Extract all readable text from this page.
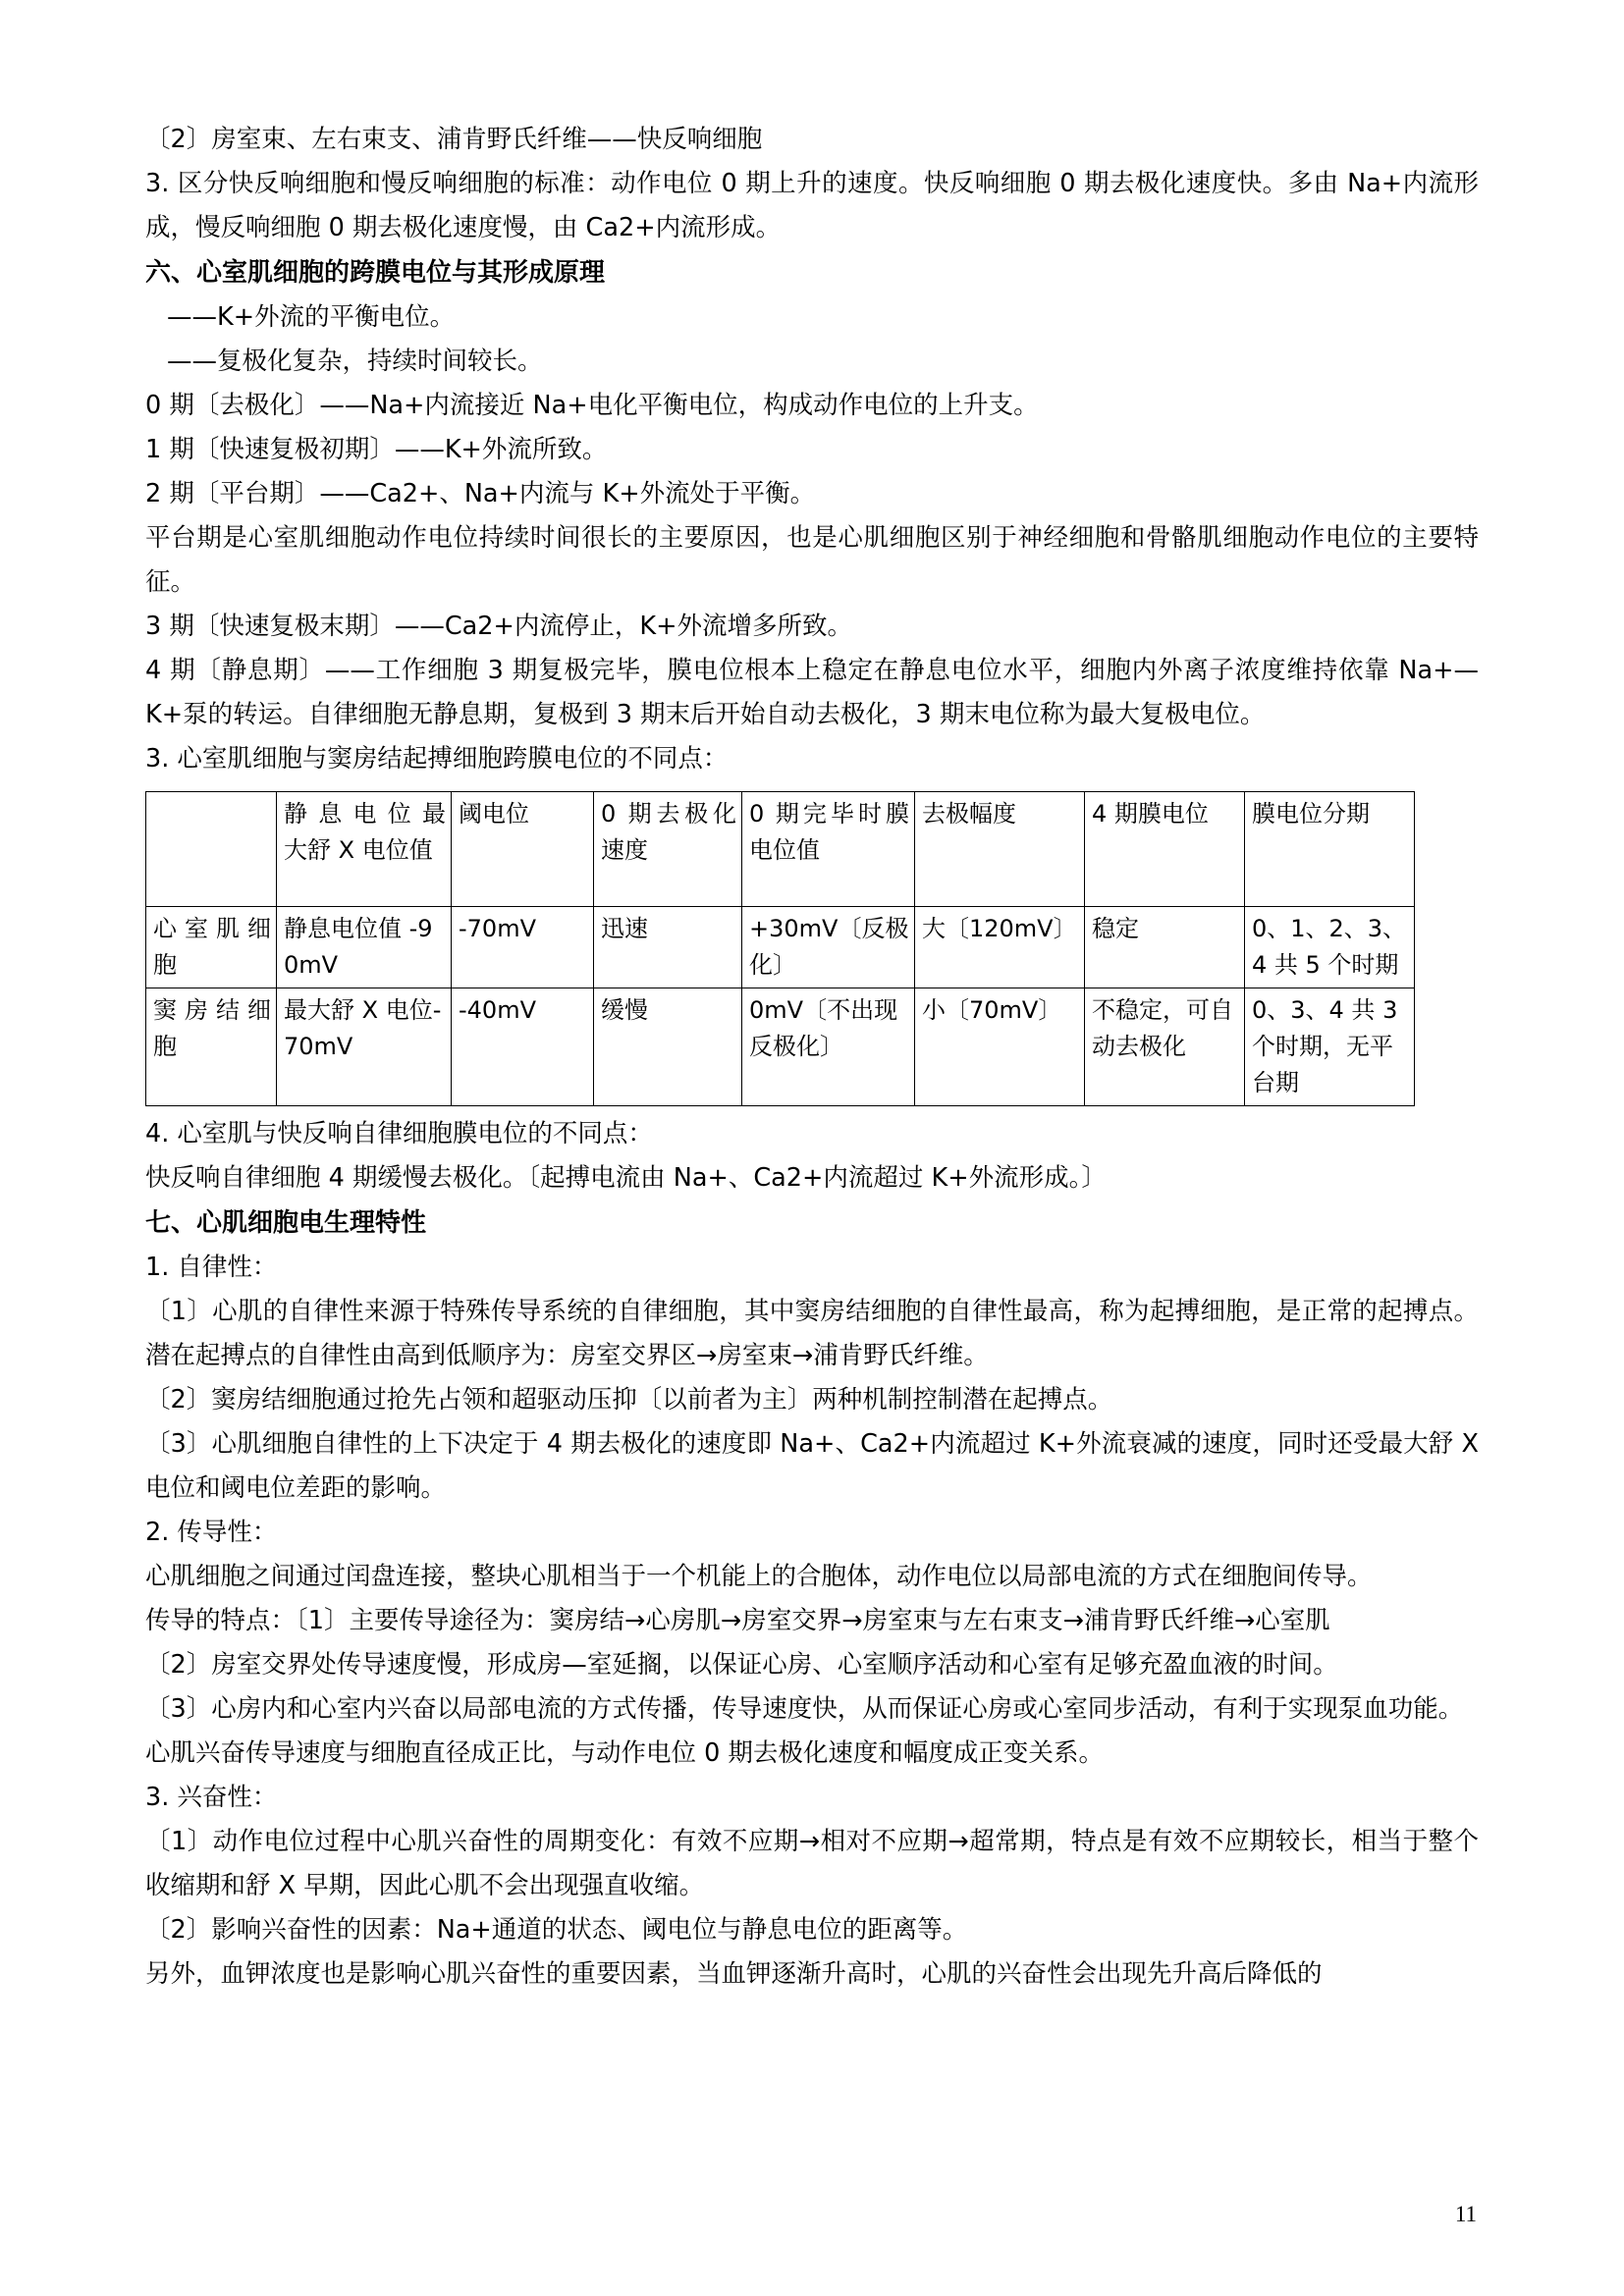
〔2〕房室束、左右束支、浦肯野氏纤维——快反响细胞

3. 区分快反响细胞和慢反响细胞的标准：动作电位 0 期上升的速度。快反响细胞 0 期去极化速度快。多由 Na+内流形成，慢反响细胞 0 期去极化速度慢，由 Ca2+内流形成。

六、心室肌细胞的跨膜电位与其形成原理

——K+外流的平衡电位。

——复极化复杂，持续时间较长。

0 期〔去极化〕——Na+内流接近 Na+电化平衡电位，构成动作电位的上升支。

1 期〔快速复极初期〕——K+外流所致。

2 期〔平台期〕——Ca2+、Na+内流与 K+外流处于平衡。

平台期是心室肌细胞动作电位持续时间很长的主要原因，也是心肌细胞区别于神经细胞和骨骼肌细胞动作电位的主要特征。

3 期〔快速复极末期〕——Ca2+内流停止，K+外流增多所致。

4 期〔静息期〕——工作细胞 3 期复极完毕，膜电位根本上稳定在静息电位水平，细胞内外离子浓度维持依靠 Na+—K+泵的转运。自律细胞无静息期，复极到 3 期末后开始自动去极化，3 期末电位称为最大复极电位。

3. 心室肌细胞与窦房结起搏细胞跨膜电位的不同点：

	静 息 电 位 最大舒 X 电位值	阈电位	0 期去极化速度	0 期完毕时膜电位值	去极幅度	4 期膜电位	膜电位分期
心 室 肌 细 胞	静息电位值 -90mV	-70mV	迅速	+30mV〔反极化〕	大〔120mV〕	稳定	0、1、2、3、4 共 5 个时期
窦 房 结 细 胞	最大舒 X 电位-70mV	-40mV	缓慢	0mV〔不出现反极化〕	小〔70mV〕	不稳定，可自动去极化	0、3、4 共 3 个时期，无平台期

4. 心室肌与快反响自律细胞膜电位的不同点：

快反响自律细胞 4 期缓慢去极化。〔起搏电流由 Na+、Ca2+内流超过 K+外流形成。〕

七、心肌细胞电生理特性

1. 自律性：

〔1〕心肌的自律性来源于特殊传导系统的自律细胞，其中窦房结细胞的自律性最高，称为起搏细胞，是正常的起搏点。潜在起搏点的自律性由高到低顺序为：房室交界区→房室束→浦肯野氏纤维。

〔2〕窦房结细胞通过抢先占领和超驱动压抑〔以前者为主〕两种机制控制潜在起搏点。

〔3〕心肌细胞自律性的上下决定于 4 期去极化的速度即 Na+、Ca2+内流超过 K+外流衰减的速度，同时还受最大舒 X 电位和阈电位差距的影响。

2. 传导性：

心肌细胞之间通过闰盘连接，整块心肌相当于一个机能上的合胞体，动作电位以局部电流的方式在细胞间传导。

传导的特点：〔1〕主要传导途径为：窦房结→心房肌→房室交界→房室束与左右束支→浦肯野氏纤维→心室肌

〔2〕房室交界处传导速度慢，形成房—室延搁，以保证心房、心室顺序活动和心室有足够充盈血液的时间。

〔3〕心房内和心室内兴奋以局部电流的方式传播，传导速度快，从而保证心房或心室同步活动，有利于实现泵血功能。

心肌兴奋传导速度与细胞直径成正比，与动作电位 0 期去极化速度和幅度成正变关系。

3. 兴奋性：

〔1〕动作电位过程中心肌兴奋性的周期变化：有效不应期→相对不应期→超常期，特点是有效不应期较长，相当于整个收缩期和舒 X 早期，因此心肌不会出现强直收缩。

〔2〕影响兴奋性的因素：Na+通道的状态、阈电位与静息电位的距离等。

另外，血钾浓度也是影响心肌兴奋性的重要因素，当血钾逐渐升高时，心肌的兴奋性会出现先升高后降低的

11
